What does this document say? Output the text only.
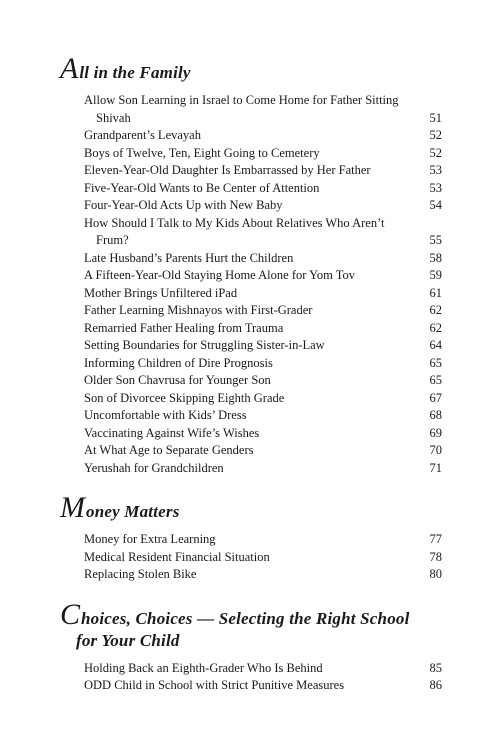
All in the Family
Allow Son Learning in Israel to Come Home for Father Sitting Shivah	51
Grandparent’s Levayah	52
Boys of Twelve, Ten, Eight Going to Cemetery	52
Eleven-Year-Old Daughter Is Embarrassed by Her Father	53
Five-Year-Old Wants to Be Center of Attention	53
Four-Year-Old Acts Up with New Baby	54
How Should I Talk to My Kids About Relatives Who Aren’t Frum?	55
Late Husband’s Parents Hurt the Children	58
A Fifteen-Year-Old Staying Home Alone for Yom Tov	59
Mother Brings Unfiltered iPad	61
Father Learning Mishnayos with First-Grader	62
Remarried Father Healing from Trauma	62
Setting Boundaries for Struggling Sister-in-Law	64
Informing Children of Dire Prognosis	65
Older Son Chavrusa for Younger Son	65
Son of Divorcee Skipping Eighth Grade	67
Uncomfortable with Kids’ Dress	68
Vaccinating Against Wife’s Wishes	69
At What Age to Separate Genders	70
Yerushah for Grandchildren	71
Money Matters
Money for Extra Learning	77
Medical Resident Financial Situation	78
Replacing Stolen Bike	80
Choices, Choices — Selecting the Right School
for Your Child
Holding Back an Eighth-Grader Who Is Behind	85
ODD Child in School with Strict Punitive Measures	86
